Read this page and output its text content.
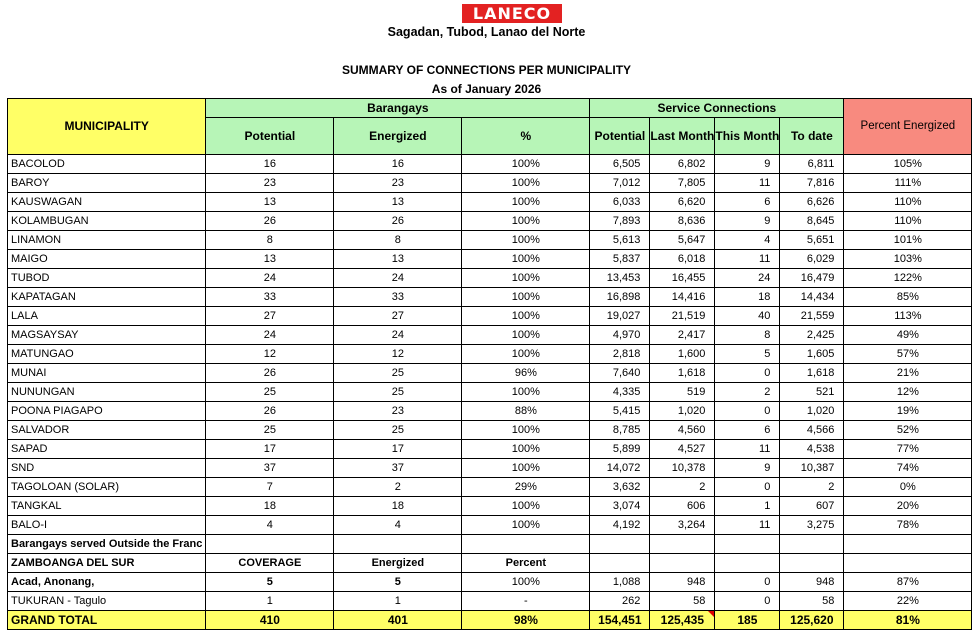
LANECO
Sagadan, Tubod, Lanao del Norte
SUMMARY OF CONNECTIONS PER MUNICIPALITY
As of January 2026
MUNICIPALITY	Barangays			Service Connections				Percent Energized
	Potential	Energized	%	Potential	Last Month	This Month	To date	
BACOLOD	16	16	100%	6,505	6,802	9	6,811	105%
BAROY	23	23	100%	7,012	7,805	11	7,816	111%
KAUSWAGAN	13	13	100%	6,033	6,620	6	6,626	110%
KOLAMBUGAN	26	26	100%	7,893	8,636	9	8,645	110%
LINAMON	8	8	100%	5,613	5,647	4	5,651	101%
MAIGO	13	13	100%	5,837	6,018	11	6,029	103%
TUBOD	24	24	100%	13,453	16,455	24	16,479	122%
KAPATAGAN	33	33	100%	16,898	14,416	18	14,434	85%
LALA	27	27	100%	19,027	21,519	40	21,559	113%
MAGSAYSAY	24	24	100%	4,970	2,417	8	2,425	49%
MATUNGAO	12	12	100%	2,818	1,600	5	1,605	57%
MUNAI	26	25	96%	7,640	1,618	0	1,618	21%
NUNUNGAN	25	25	100%	4,335	519	2	521	12%
POONA PIAGAPO	26	23	88%	5,415	1,020	0	1,020	19%
SALVADOR	25	25	100%	8,785	4,560	6	4,566	52%
SAPAD	17	17	100%	5,899	4,527	11	4,538	77%
SND	37	37	100%	14,072	10,378	9	10,387	74%
TAGOLOAN (SOLAR)	7	2	29%	3,632	2	0	2	0%
TANGKAL	18	18	100%	3,074	606	1	607	20%
BALO-I	4	4	100%	4,192	3,264	11	3,275	78%
Barangays served Outside the Franc								
ZAMBOANGA DEL SUR	COVERAGE	Energized	Percent					
Acad, Anonang,	5	5	100%	1,088	948	0	948	87%
TUKURAN - Tagulo	1	1	-	262	58	0	58	22%
GRAND TOTAL	410	401	98%	154,451	125,435	185	125,620	81%
